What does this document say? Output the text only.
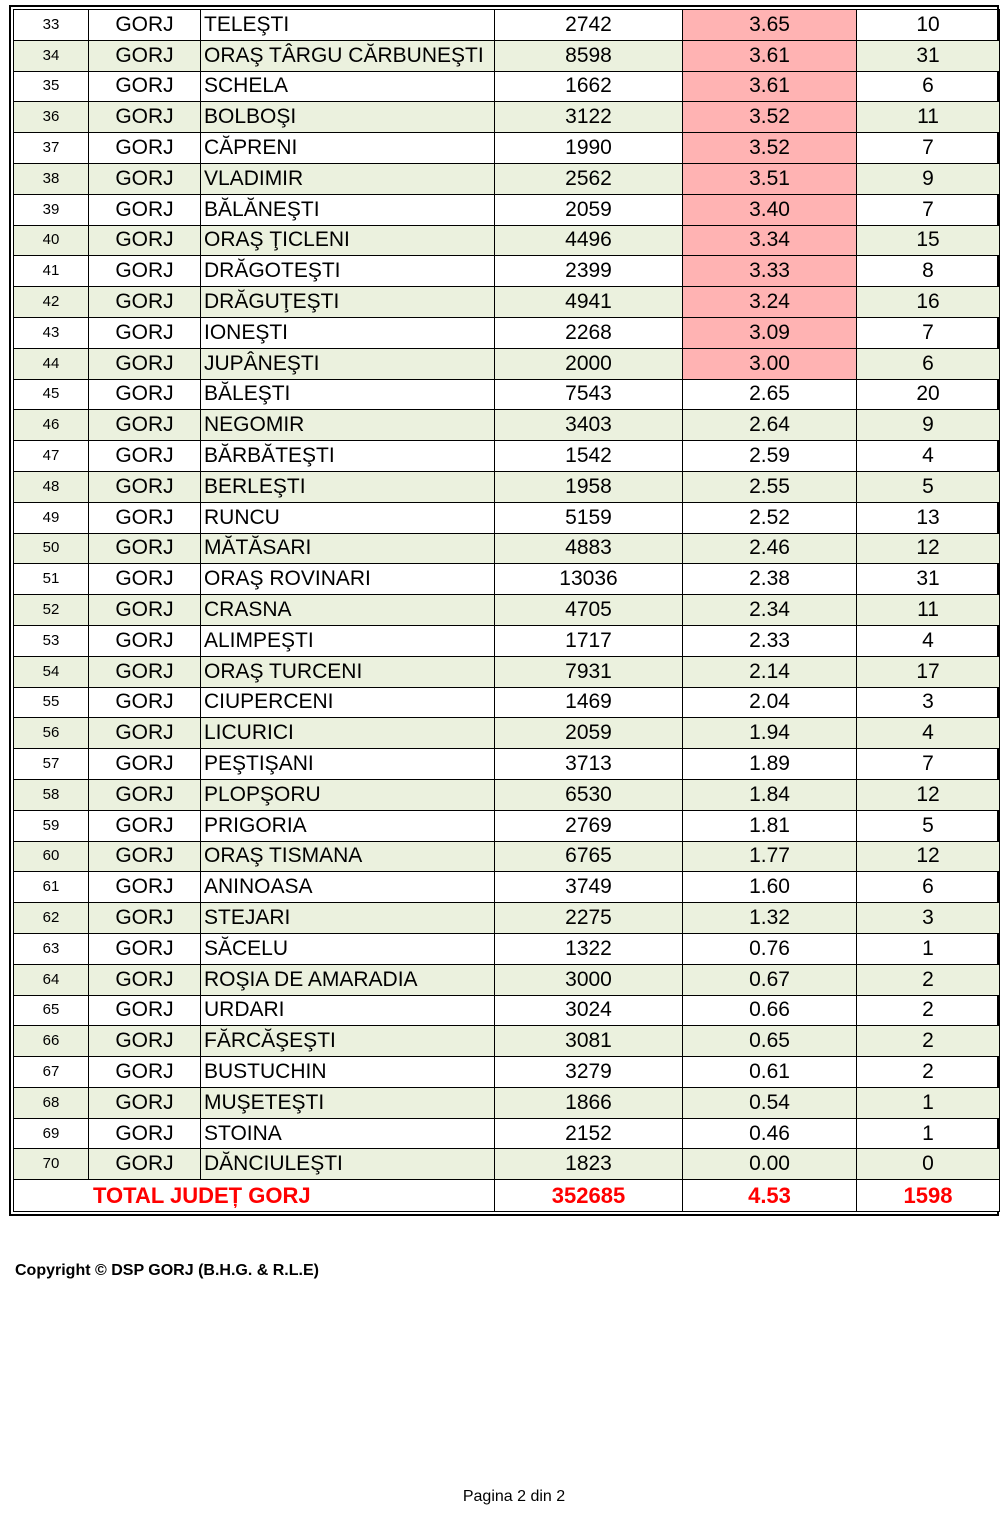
33	GORJ	TELEŞTI	2742	3.65	10
34	GORJ	ORAŞ TÂRGU CĂRBUNEŞTI	8598	3.61	31
35	GORJ	SCHELA	1662	3.61	6
36	GORJ	BOLBOŞI	3122	3.52	11
37	GORJ	CĂPRENI	1990	3.52	7
38	GORJ	VLADIMIR	2562	3.51	9
39	GORJ	BĂLĂNEŞTI	2059	3.40	7
40	GORJ	ORAŞ ŢICLENI	4496	3.34	15
41	GORJ	DRĂGOTEŞTI	2399	3.33	8
42	GORJ	DRĂGUŢEŞTI	4941	3.24	16
43	GORJ	IONEŞTI	2268	3.09	7
44	GORJ	JUPÂNEŞTI	2000	3.00	6
45	GORJ	BĂLEŞTI	7543	2.65	20
46	GORJ	NEGOMIR	3403	2.64	9
47	GORJ	BĂRBĂTEŞTI	1542	2.59	4
48	GORJ	BERLEŞTI	1958	2.55	5
49	GORJ	RUNCU	5159	2.52	13
50	GORJ	MĂTĂSARI	4883	2.46	12
51	GORJ	ORAŞ ROVINARI	13036	2.38	31
52	GORJ	CRASNA	4705	2.34	11
53	GORJ	ALIMPEŞTI	1717	2.33	4
54	GORJ	ORAŞ TURCENI	7931	2.14	17
55	GORJ	CIUPERCENI	1469	2.04	3
56	GORJ	LICURICI	2059	1.94	4
57	GORJ	PEŞTIŞANI	3713	1.89	7
58	GORJ	PLOPŞORU	6530	1.84	12
59	GORJ	PRIGORIA	2769	1.81	5
60	GORJ	ORAŞ TISMANA	6765	1.77	12
61	GORJ	ANINOASA	3749	1.60	6
62	GORJ	STEJARI	2275	1.32	3
63	GORJ	SĂCELU	1322	0.76	1
64	GORJ	ROŞIA DE AMARADIA	3000	0.67	2
65	GORJ	URDARI	3024	0.66	2
66	GORJ	FĂRCĂŞEŞTI	3081	0.65	2
67	GORJ	BUSTUCHIN	3279	0.61	2
68	GORJ	MUŞETEŞTI	1866	0.54	1
69	GORJ	STOINA	2152	0.46	1
70	GORJ	DĂNCIULEŞTI	1823	0.00	0
TOTAL JUDEȚ GORJ			352685	4.53	1598
Copyright © DSP GORJ (B.H.G. & R.L.E)
Pagina 2 din 2
